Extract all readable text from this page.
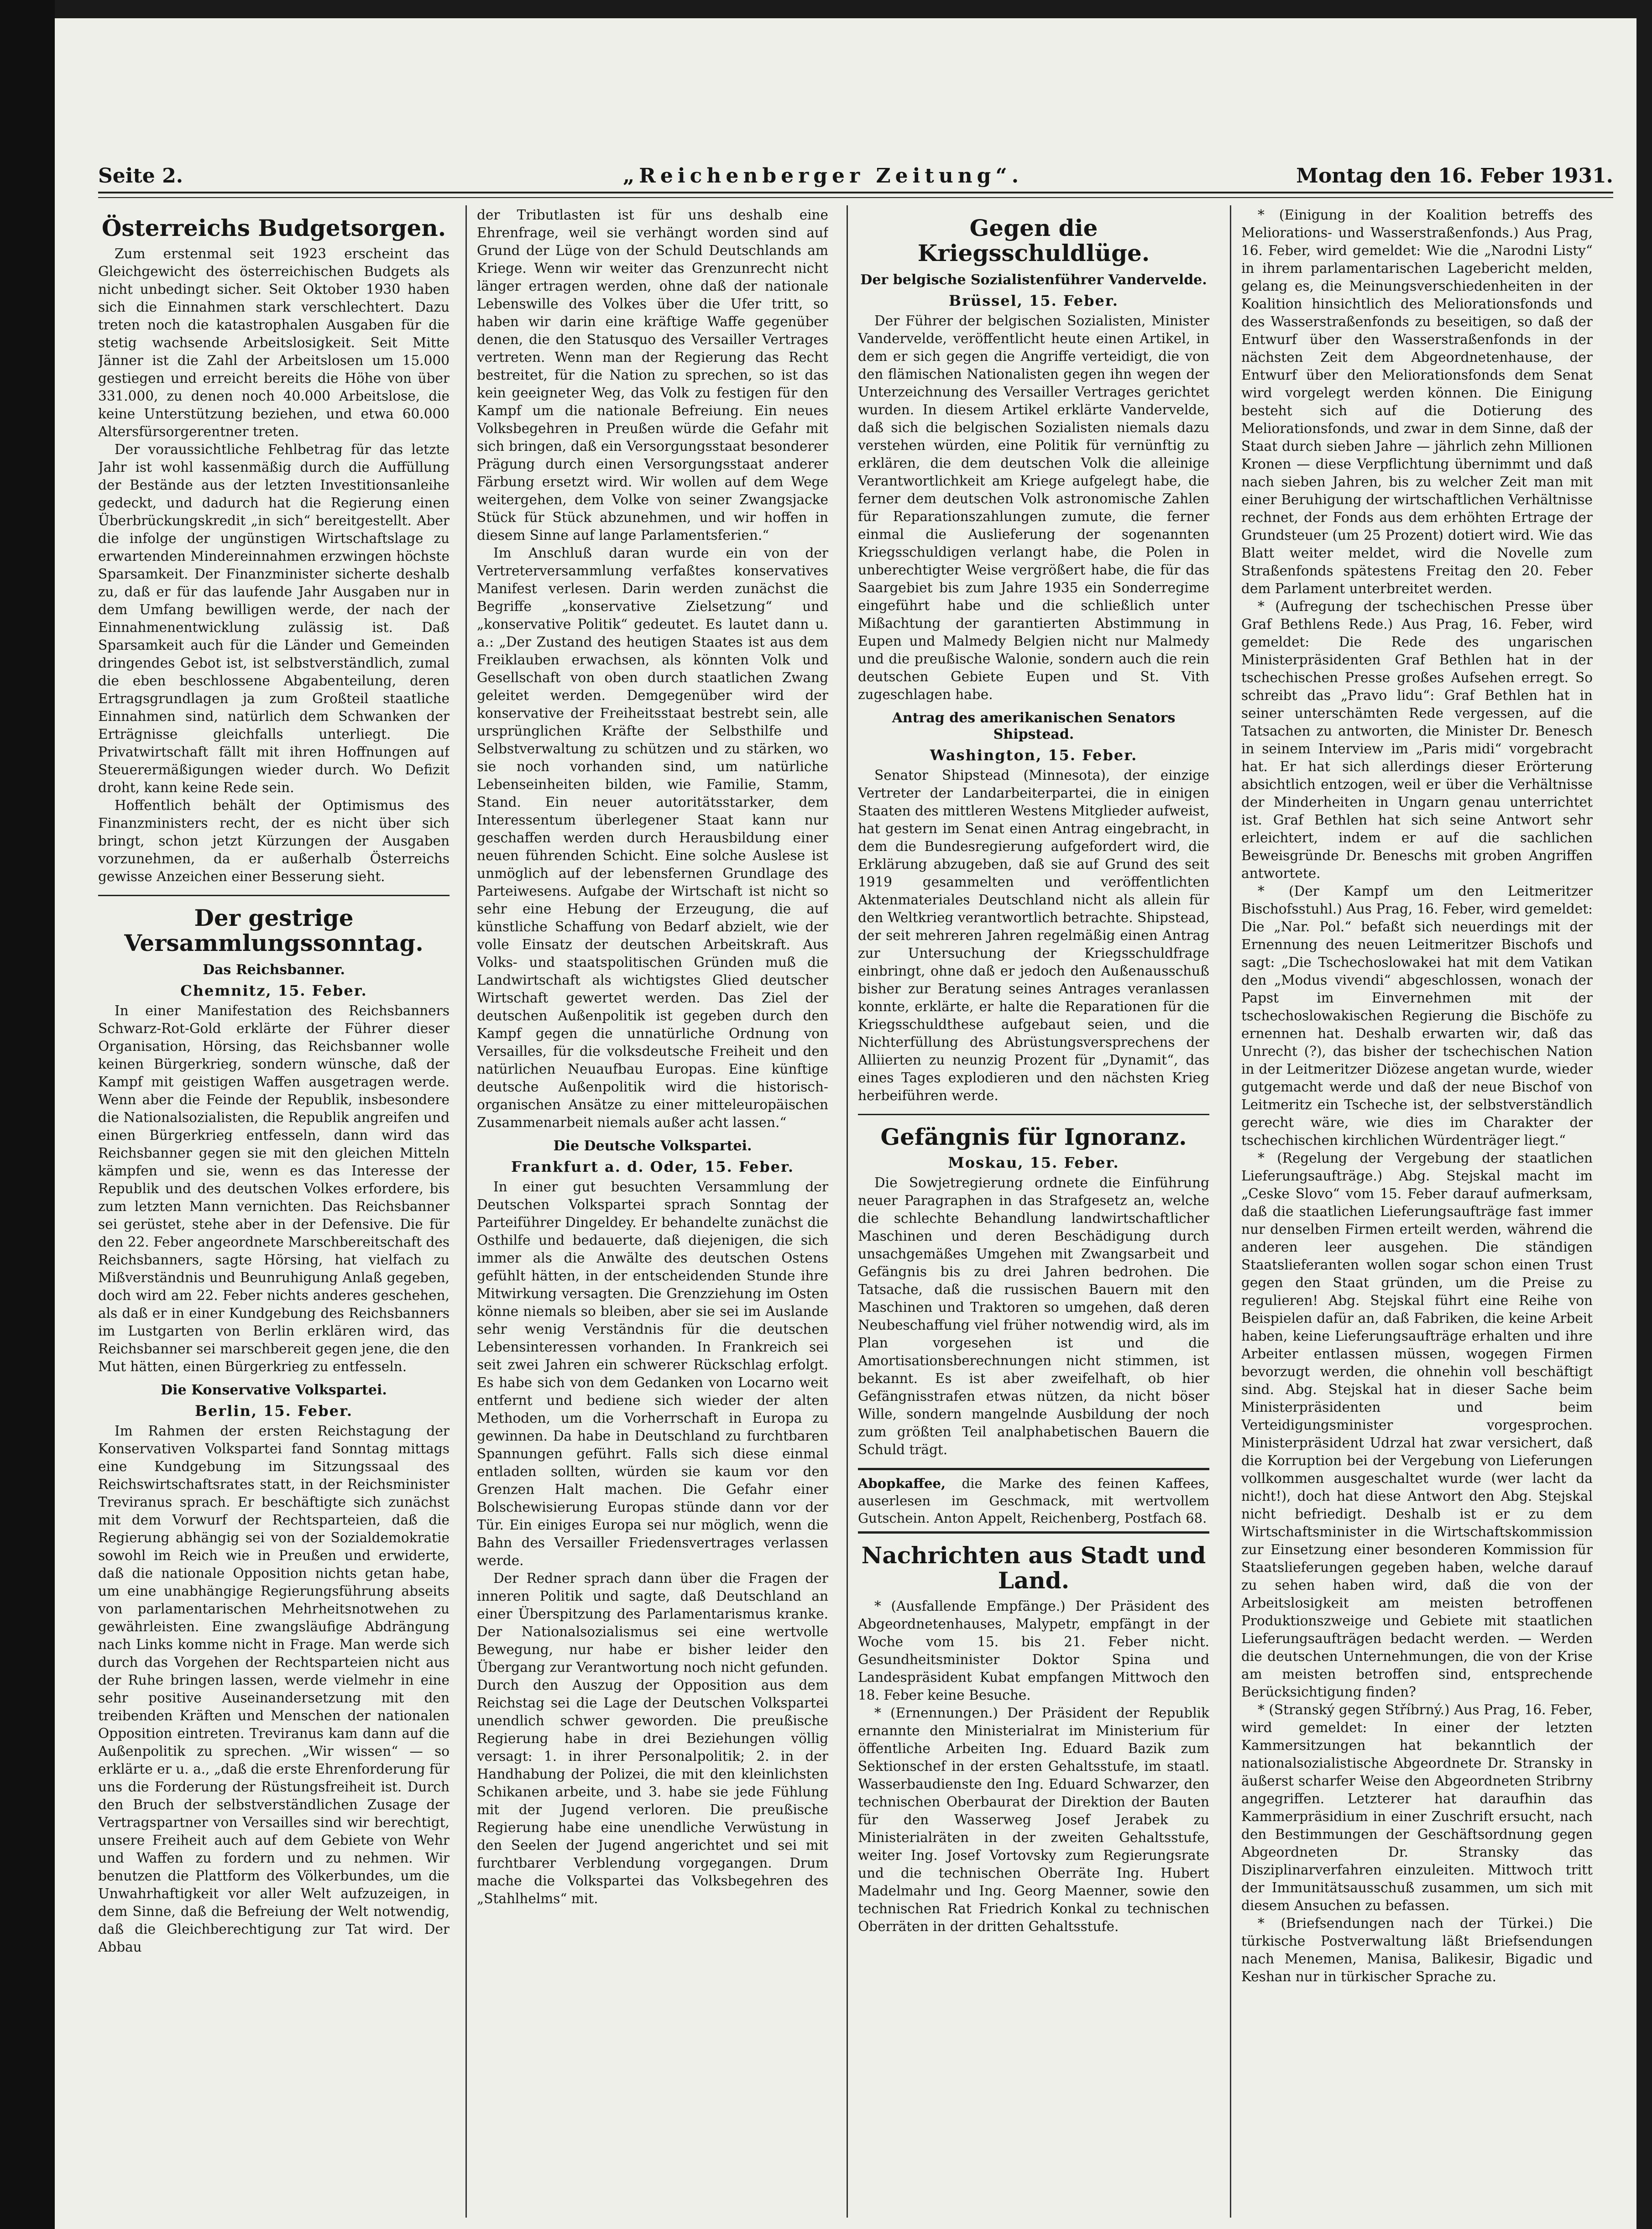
Seite 2.	„Reichenberger Zeitung“.	Montag den 16. Feber 1931.
Österreichs Budgetsorgen.

Zum erstenmal seit 1923 erscheint das Gleichgewicht des österreichischen Budgets als nicht unbedingt sicher. Seit Oktober 1930 haben sich die Einnahmen stark verschlechtert. Dazu treten noch die katastrophalen Ausgaben für die stetig wachsende Arbeitslosigkeit. Seit Mitte Jänner ist die Zahl der Arbeitslosen um 15.000 gestiegen und erreicht bereits die Höhe von über 331.000, zu denen noch 40.000 Arbeitslose, die keine Unterstützung beziehen, und etwa 60.000 Altersfürsorgerentner treten.

Der voraussichtliche Fehlbetrag für das letzte Jahr ist wohl kassenmäßig durch die Auffüllung der Bestände aus der letzten Investitionsanleihe gedeckt, und dadurch hat die Regierung einen Überbrückungskredit „in sich“ bereitgestellt. Aber die infolge der ungünstigen Wirtschaftslage zu erwartenden Mindereinnahmen erzwingen höchste Sparsamkeit. Der Finanzminister sicherte deshalb zu, daß er für das laufende Jahr Ausgaben nur in dem Umfang bewilligen werde, der nach der Einnahmenentwicklung zulässig ist. Daß Sparsamkeit auch für die Länder und Gemeinden dringendes Gebot ist, ist selbstverständlich, zumal die eben beschlossene Abgabenteilung, deren Ertragsgrundlagen ja zum Großteil staatliche Einnahmen sind, natürlich dem Schwanken der Erträgnisse gleichfalls unterliegt. Die Privatwirtschaft fällt mit ihren Hoffnungen auf Steuerermäßigungen wieder durch. Wo Defizit droht, kann keine Rede sein.

Hoffentlich behält der Optimismus des Finanzministers recht, der es nicht über sich bringt, schon jetzt Kürzungen der Ausgaben vorzunehmen, da er außerhalb Österreichs gewisse Anzeichen einer Besserung sieht.

Der gestrige Versammlungssonntag.
Das Reichsbanner.
Chemnitz, 15. Feber.

In einer Manifestation des Reichsbanners Schwarz-Rot-Gold erklärte der Führer dieser Organisation, Hörsing, das Reichsbanner wolle keinen Bürgerkrieg, sondern wünsche, daß der Kampf mit geistigen Waffen ausgetragen werde. Wenn aber die Feinde der Republik, insbesondere die Nationalsozialisten, die Republik angreifen und einen Bürgerkrieg entfesseln, dann wird das Reichsbanner gegen sie mit den gleichen Mitteln kämpfen und sie, wenn es das Interesse der Republik und des deutschen Volkes erfordere, bis zum letzten Mann vernichten. Das Reichsbanner sei gerüstet, stehe aber in der Defensive. Die für den 22. Feber angeordnete Marschbereitschaft des Reichsbanners, sagte Hörsing, hat vielfach zu Mißverständnis und Beunruhigung Anlaß gegeben, doch wird am 22. Feber nichts anderes geschehen, als daß er in einer Kundgebung des Reichsbanners im Lustgarten von Berlin erklären wird, das Reichsbanner sei marschbereit gegen jene, die den Mut hätten, einen Bürgerkrieg zu entfesseln.

Die Konservative Volkspartei.
Berlin, 15. Feber.

Im Rahmen der ersten Reichstagung der Konservativen Volkspartei fand Sonntag mittags eine Kundgebung im Sitzungssaal des Reichswirtschaftsrates statt, in der Reichsminister Treviranus sprach. Er beschäftigte sich zunächst mit dem Vorwurf der Rechtsparteien, daß die Regierung abhängig sei von der Sozialdemokratie sowohl im Reich wie in Preußen und erwiderte, daß die nationale Opposition nichts getan habe, um eine unabhängige Regierungsführung abseits von parlamentarischen Mehrheitsnotwehen zu gewährleisten. Eine zwangsläufige Abdrängung nach Links komme nicht in Frage. Man werde sich durch das Vorgehen der Rechtsparteien nicht aus der Ruhe bringen lassen, werde vielmehr in eine sehr positive Auseinandersetzung mit den treibenden Kräften und Menschen der nationalen Opposition eintreten. Treviranus kam dann auf die Außenpolitik zu sprechen. „Wir wissen“ — so erklärte er u. a., „daß die erste Ehrenforderung für uns die Forderung der Rüstungsfreiheit ist. Durch den Bruch der selbstverständlichen Zusage der Vertragspartner von Versailles sind wir berechtigt, unsere Freiheit auch auf dem Gebiete von Wehr und Waffen zu fordern und zu nehmen. Wir benutzen die Plattform des Völkerbundes, um die Unwahrhaftigkeit vor aller Welt aufzuzeigen, in dem Sinne, daß die Befreiung der Welt notwendig, daß die Gleichberechtigung zur Tat wird. Der Abbau

der Tributlasten ist für uns deshalb eine Ehrenfrage, weil sie verhängt worden sind auf Grund der Lüge von der Schuld Deutschlands am Kriege. Wenn wir weiter das Grenzunrecht nicht länger ertragen werden, ohne daß der nationale Lebenswille des Volkes über die Ufer tritt, so haben wir darin eine kräftige Waffe gegenüber denen, die den Statusquo des Versailler Vertrages vertreten. Wenn man der Regierung das Recht bestreitet, für die Nation zu sprechen, so ist das kein geeigneter Weg, das Volk zu festigen für den Kampf um die nationale Befreiung. Ein neues Volksbegehren in Preußen würde die Gefahr mit sich bringen, daß ein Versorgungsstaat besonderer Prägung durch einen Versorgungsstaat anderer Färbung ersetzt wird. Wir wollen auf dem Wege weitergehen, dem Volke von seiner Zwangsjacke Stück für Stück abzunehmen, und wir hoffen in diesem Sinne auf lange Parlamentsferien.“

Im Anschluß daran wurde ein von der Vertreterversammlung verfaßtes konservatives Manifest verlesen. Darin werden zunächst die Begriffe „konservative Zielsetzung“ und „konservative Politik“ gedeutet. Es lautet dann u. a.: „Der Zustand des heutigen Staates ist aus dem Freiklauben erwachsen, als könnten Volk und Gesellschaft von oben durch staatlichen Zwang geleitet werden. Demgegenüber wird der konservative der Freiheitsstaat bestrebt sein, alle ursprünglichen Kräfte der Selbsthilfe und Selbstverwaltung zu schützen und zu stärken, wo sie noch vorhanden sind, um natürliche Lebenseinheiten bilden, wie Familie, Stamm, Stand. Ein neuer autoritätsstarker, dem Interessentum überlegener Staat kann nur geschaffen werden durch Herausbildung einer neuen führenden Schicht. Eine solche Auslese ist unmöglich auf der lebensfernen Grundlage des Parteiwesens. Aufgabe der Wirtschaft ist nicht so sehr eine Hebung der Erzeugung, die auf künstliche Schaffung von Bedarf abzielt, wie der volle Einsatz der deutschen Arbeitskraft. Aus Volks- und staatspolitischen Gründen muß die Landwirtschaft als wichtigstes Glied deutscher Wirtschaft gewertet werden. Das Ziel der deutschen Außenpolitik ist gegeben durch den Kampf gegen die unnatürliche Ordnung von Versailles, für die volksdeutsche Freiheit und den natürlichen Neuaufbau Europas. Eine künftige deutsche Außenpolitik wird die historisch-organischen Ansätze zu einer mitteleuropäischen Zusammenarbeit niemals außer acht lassen.“

Die Deutsche Volkspartei.
Frankfurt a. d. Oder, 15. Feber.

In einer gut besuchten Versammlung der Deutschen Volkspartei sprach Sonntag der Parteiführer Dingeldey. Er behandelte zunächst die Osthilfe und bedauerte, daß diejenigen, die sich immer als die Anwälte des deutschen Ostens gefühlt hätten, in der entscheidenden Stunde ihre Mitwirkung versagten. Die Grenzziehung im Osten könne niemals so bleiben, aber sie sei im Auslande sehr wenig Verständnis für die deutschen Lebensinteressen vorhanden. In Frankreich sei seit zwei Jahren ein schwerer Rückschlag erfolgt. Es habe sich von dem Gedanken von Locarno weit entfernt und bediene sich wieder der alten Methoden, um die Vorherrschaft in Europa zu gewinnen. Da habe in Deutschland zu furchtbaren Spannungen geführt. Falls sich diese einmal entladen sollten, würden sie kaum vor den Grenzen Halt machen. Die Gefahr einer Bolschewisierung Europas stünde dann vor der Tür. Ein einiges Europa sei nur möglich, wenn die Bahn des Versailler Friedensvertrages verlassen werde.

Der Redner sprach dann über die Fragen der inneren Politik und sagte, daß Deutschland an einer Überspitzung des Parlamentarismus kranke. Der Nationalsozialismus sei eine wertvolle Bewegung, nur habe er bisher leider den Übergang zur Verantwortung noch nicht gefunden. Durch den Auszug der Opposition aus dem Reichstag sei die Lage der Deutschen Volkspartei unendlich schwer geworden. Die preußische Regierung habe in drei Beziehungen völlig versagt: 1. in ihrer Personalpolitik; 2. in der Handhabung der Polizei, die mit den kleinlichsten Schikanen arbeite, und 3. habe sie jede Fühlung mit der Jugend verloren. Die preußische Regierung habe eine unendliche Verwüstung in den Seelen der Jugend angerichtet und sei mit furchtbarer Verblendung vorgegangen. Drum mache die Volkspartei das Volksbegehren des „Stahlhelms“ mit.

Gegen die Kriegsschuldlüge.
Der belgische Sozialistenführer Vandervelde.
Brüssel, 15. Feber.

Der Führer der belgischen Sozialisten, Minister Vandervelde, veröffentlicht heute einen Artikel, in dem er sich gegen die Angriffe verteidigt, die von den flämischen Nationalisten gegen ihn wegen der Unterzeichnung des Versailler Vertrages gerichtet wurden. In diesem Artikel erklärte Vandervelde, daß sich die belgischen Sozialisten niemals dazu verstehen würden, eine Politik für vernünftig zu erklären, die dem deutschen Volk die alleinige Verantwortlichkeit am Kriege aufgelegt habe, die ferner dem deutschen Volk astronomische Zahlen für Reparationszahlungen zumute, die ferner einmal die Auslieferung der sogenannten Kriegsschuldigen verlangt habe, die Polen in unberechtigter Weise vergrößert habe, die für das Saargebiet bis zum Jahre 1935 ein Sonderregime eingeführt habe und die schließlich unter Mißachtung der garantierten Abstimmung in Eupen und Malmedy Belgien nicht nur Malmedy und die preußische Walonie, sondern auch die rein deutschen Gebiete Eupen und St. Vith zugeschlagen habe.

Antrag des amerikanischen Senators Shipstead.
Washington, 15. Feber.

Senator Shipstead (Minnesota), der einzige Vertreter der Landarbeiterpartei, die in einigen Staaten des mittleren Westens Mitglieder aufweist, hat gestern im Senat einen Antrag eingebracht, in dem die Bundesregierung aufgefordert wird, die Erklärung abzugeben, daß sie auf Grund des seit 1919 gesammelten und veröffentlichten Aktenmateriales Deutschland nicht als allein für den Weltkrieg verantwortlich betrachte. Shipstead, der seit mehreren Jahren regelmäßig einen Antrag zur Untersuchung der Kriegsschuldfrage einbringt, ohne daß er jedoch den Außenausschuß bisher zur Beratung seines Antrages veranlassen konnte, erklärte, er halte die Reparationen für die Kriegsschuldthese aufgebaut seien, und die Nichterfüllung des Abrüstungsversprechens der Alliierten zu neunzig Prozent für „Dynamit“, das eines Tages explodieren und den nächsten Krieg herbeiführen werde.

Gefängnis für Ignoranz.
Moskau, 15. Feber.

Die Sowjetregierung ordnete die Einführung neuer Paragraphen in das Strafgesetz an, welche die schlechte Behandlung landwirtschaftlicher Maschinen und deren Beschädigung durch unsachgemäßes Umgehen mit Zwangsarbeit und Gefängnis bis zu drei Jahren bedrohen. Die Tatsache, daß die russischen Bauern mit den Maschinen und Traktoren so umgehen, daß deren Neubeschaffung viel früher notwendig wird, als im Plan vorgesehen ist und die Amortisationsberechnungen nicht stimmen, ist bekannt. Es ist aber zweifelhaft, ob hier Gefängnisstrafen etwas nützen, da nicht böser Wille, sondern mangelnde Ausbildung der noch zum größten Teil analphabetischen Bauern die Schuld trägt.

Abopkaffee, die Marke des feinen Kaffees, auserlesen im Geschmack, mit wertvollem Gutschein. Anton Appelt, Reichenberg, Postfach 68.
Nachrichten aus Stadt und Land.

* (Ausfallende Empfänge.) Der Präsident des Abgeordnetenhauses, Malypetr, empfängt in der Woche vom 15. bis 21. Feber nicht. Gesundheitsminister Doktor Spina und Landespräsident Kubat empfangen Mittwoch den 18. Feber keine Besuche.

* (Ernennungen.) Der Präsident der Republik ernannte den Ministerialrat im Ministerium für öffentliche Arbeiten Ing. Eduard Bazik zum Sektionschef in der ersten Gehaltsstufe, im staatl. Wasserbaudienste den Ing. Eduard Schwarzer, den technischen Oberbaurat der Direktion der Bauten für den Wasserweg Josef Jerabek zu Ministerialräten in der zweiten Gehaltsstufe, weiter Ing. Josef Vortovsky zum Regierungsrate und die technischen Oberräte Ing. Hubert Madelmahr und Ing. Georg Maenner, sowie den technischen Rat Friedrich Konkal zu technischen Oberräten in der dritten Gehaltsstufe.

* (Einigung in der Koalition betreffs des Meliorations- und Wasserstraßenfonds.) Aus Prag, 16. Feber, wird gemeldet: Wie die „Narodni Listy“ in ihrem parlamentarischen Lagebericht melden, gelang es, die Meinungsverschiedenheiten in der Koalition hinsichtlich des Meliorationsfonds und des Wasserstraßenfonds zu beseitigen, so daß der Entwurf über den Wasserstraßenfonds in der nächsten Zeit dem Abgeordnetenhause, der Entwurf über den Meliorationsfonds dem Senat wird vorgelegt werden können. Die Einigung besteht sich auf die Dotierung des Meliorationsfonds, und zwar in dem Sinne, daß der Staat durch sieben Jahre — jährlich zehn Millionen Kronen — diese Verpflichtung übernimmt und daß nach sieben Jahren, bis zu welcher Zeit man mit einer Beruhigung der wirtschaftlichen Verhältnisse rechnet, der Fonds aus dem erhöhten Ertrage der Grundsteuer (um 25 Prozent) dotiert wird. Wie das Blatt weiter meldet, wird die Novelle zum Straßenfonds spätestens Freitag den 20. Feber dem Parlament unterbreitet werden.

* (Aufregung der tschechischen Presse über Graf Bethlens Rede.) Aus Prag, 16. Feber, wird gemeldet: Die Rede des ungarischen Ministerpräsidenten Graf Bethlen hat in der tschechischen Presse großes Aufsehen erregt. So schreibt das „Pravo lidu“: Graf Bethlen hat in seiner unterschämten Rede vergessen, auf die Tatsachen zu antworten, die Minister Dr. Benesch in seinem Interview im „Paris midi“ vorgebracht hat. Er hat sich allerdings dieser Erörterung absichtlich entzogen, weil er über die Verhältnisse der Minderheiten in Ungarn genau unterrichtet ist. Graf Bethlen hat sich seine Antwort sehr erleichtert, indem er auf die sachlichen Beweisgründe Dr. Beneschs mit groben Angriffen antwortete.

* (Der Kampf um den Leitmeritzer Bischofsstuhl.) Aus Prag, 16. Feber, wird gemeldet: Die „Nar. Pol.“ befaßt sich neuerdings mit der Ernennung des neuen Leitmeritzer Bischofs und sagt: „Die Tschechoslowakei hat mit dem Vatikan den „Modus vivendi“ abgeschlossen, wonach der Papst im Einvernehmen mit der tschechoslowakischen Regierung die Bischöfe zu ernennen hat. Deshalb erwarten wir, daß das Unrecht (?), das bisher der tschechischen Nation in der Leitmeritzer Diözese angetan wurde, wieder gutgemacht werde und daß der neue Bischof von Leitmeritz ein Tscheche ist, der selbstverständlich gerecht wäre, wie dies im Charakter der tschechischen kirchlichen Würdenträger liegt.“

* (Regelung der Vergebung der staatlichen Lieferungsaufträge.) Abg. Stejskal macht im „Ceske Slovo“ vom 15. Feber darauf aufmerksam, daß die staatlichen Lieferungsaufträge fast immer nur denselben Firmen erteilt werden, während die anderen leer ausgehen. Die ständigen Staatslieferanten wollen sogar schon einen Trust gegen den Staat gründen, um die Preise zu regulieren! Abg. Stejskal führt eine Reihe von Beispielen dafür an, daß Fabriken, die keine Arbeit haben, keine Lieferungsaufträge erhalten und ihre Arbeiter entlassen müssen, wogegen Firmen bevorzugt werden, die ohnehin voll beschäftigt sind. Abg. Stejskal hat in dieser Sache beim Ministerpräsidenten und beim Verteidigungsminister vorgesprochen. Ministerpräsident Udrzal hat zwar versichert, daß die Korruption bei der Vergebung von Lieferungen vollkommen ausgeschaltet wurde (wer lacht da nicht!), doch hat diese Antwort den Abg. Stejskal nicht befriedigt. Deshalb ist er zu dem Wirtschaftsminister in die Wirtschaftskommission zur Einsetzung einer besonderen Kommission für Staatslieferungen gegeben haben, welche darauf zu sehen haben wird, daß die von der Arbeitslosigkeit am meisten betroffenen Produktionszweige und Gebiete mit staatlichen Lieferungsaufträgen bedacht werden. — Werden die deutschen Unternehmungen, die von der Krise am meisten betroffen sind, entsprechende Berücksichtigung finden?

* (Stranský gegen Stříbrný.) Aus Prag, 16. Feber, wird gemeldet: In einer der letzten Kammersitzungen hat bekanntlich der nationalsozialistische Abgeordnete Dr. Stransky in äußerst scharfer Weise den Abgeordneten Stribrny angegriffen. Letzterer hat daraufhin das Kammerpräsidium in einer Zuschrift ersucht, nach den Bestimmungen der Geschäftsordnung gegen Abgeordneten Dr. Stransky das Disziplinarverfahren einzuleiten. Mittwoch tritt der Immunitätsausschuß zusammen, um sich mit diesem Ansuchen zu befassen.

* (Briefsendungen nach der Türkei.) Die türkische Postverwaltung läßt Briefsendungen nach Menemen, Manisa, Balikesir, Bigadic und Keshan nur in türkischer Sprache zu.
